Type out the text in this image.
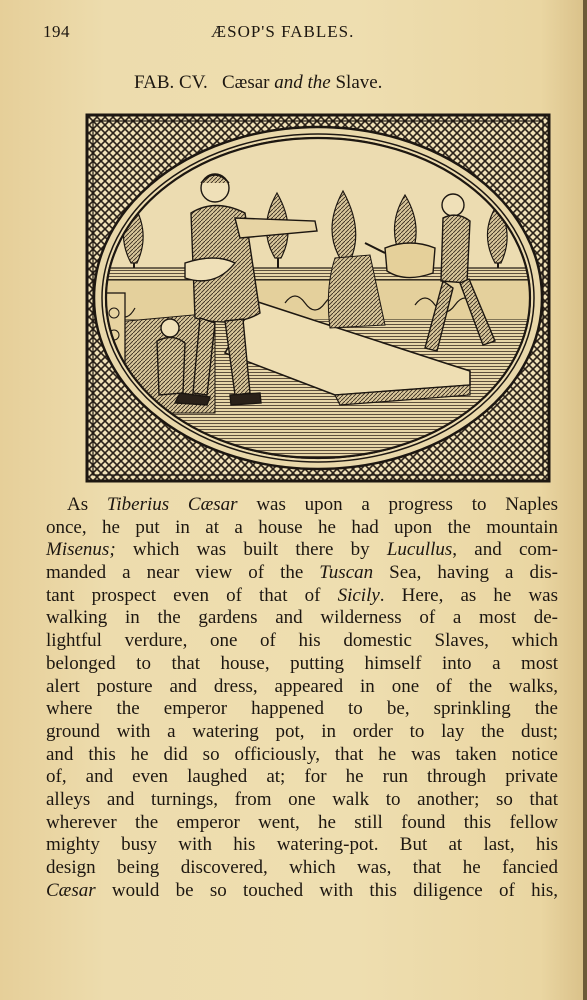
194	ÆSOP'S FABLES.
FAB. CV. Cæsar and the Slave.
As Tiberius Cæsar was upon a progress to Naples
once, he put in at a house he had upon the mountain
Misenus; which was built there by Lucullus, and com-
manded a near view of the Tuscan Sea, having a dis-
tant prospect even of that of Sicily. Here, as he was
walking in the gardens and wilderness of a most de-
lightful verdure, one of his domestic Slaves, which
belonged to that house, putting himself into a most
alert posture and dress, appeared in one of the walks,
where the emperor happened to be, sprinkling the
ground with a watering pot, in order to lay the dust;
and this he did so officiously, that he was taken notice
of, and even laughed at; for he run through private
alleys and turnings, from one walk to another; so that
wherever the emperor went, he still found this fellow
mighty busy with his watering-pot. But at last, his
design being discovered, which was, that he fancied
Cæsar would be so touched with this diligence of his,
